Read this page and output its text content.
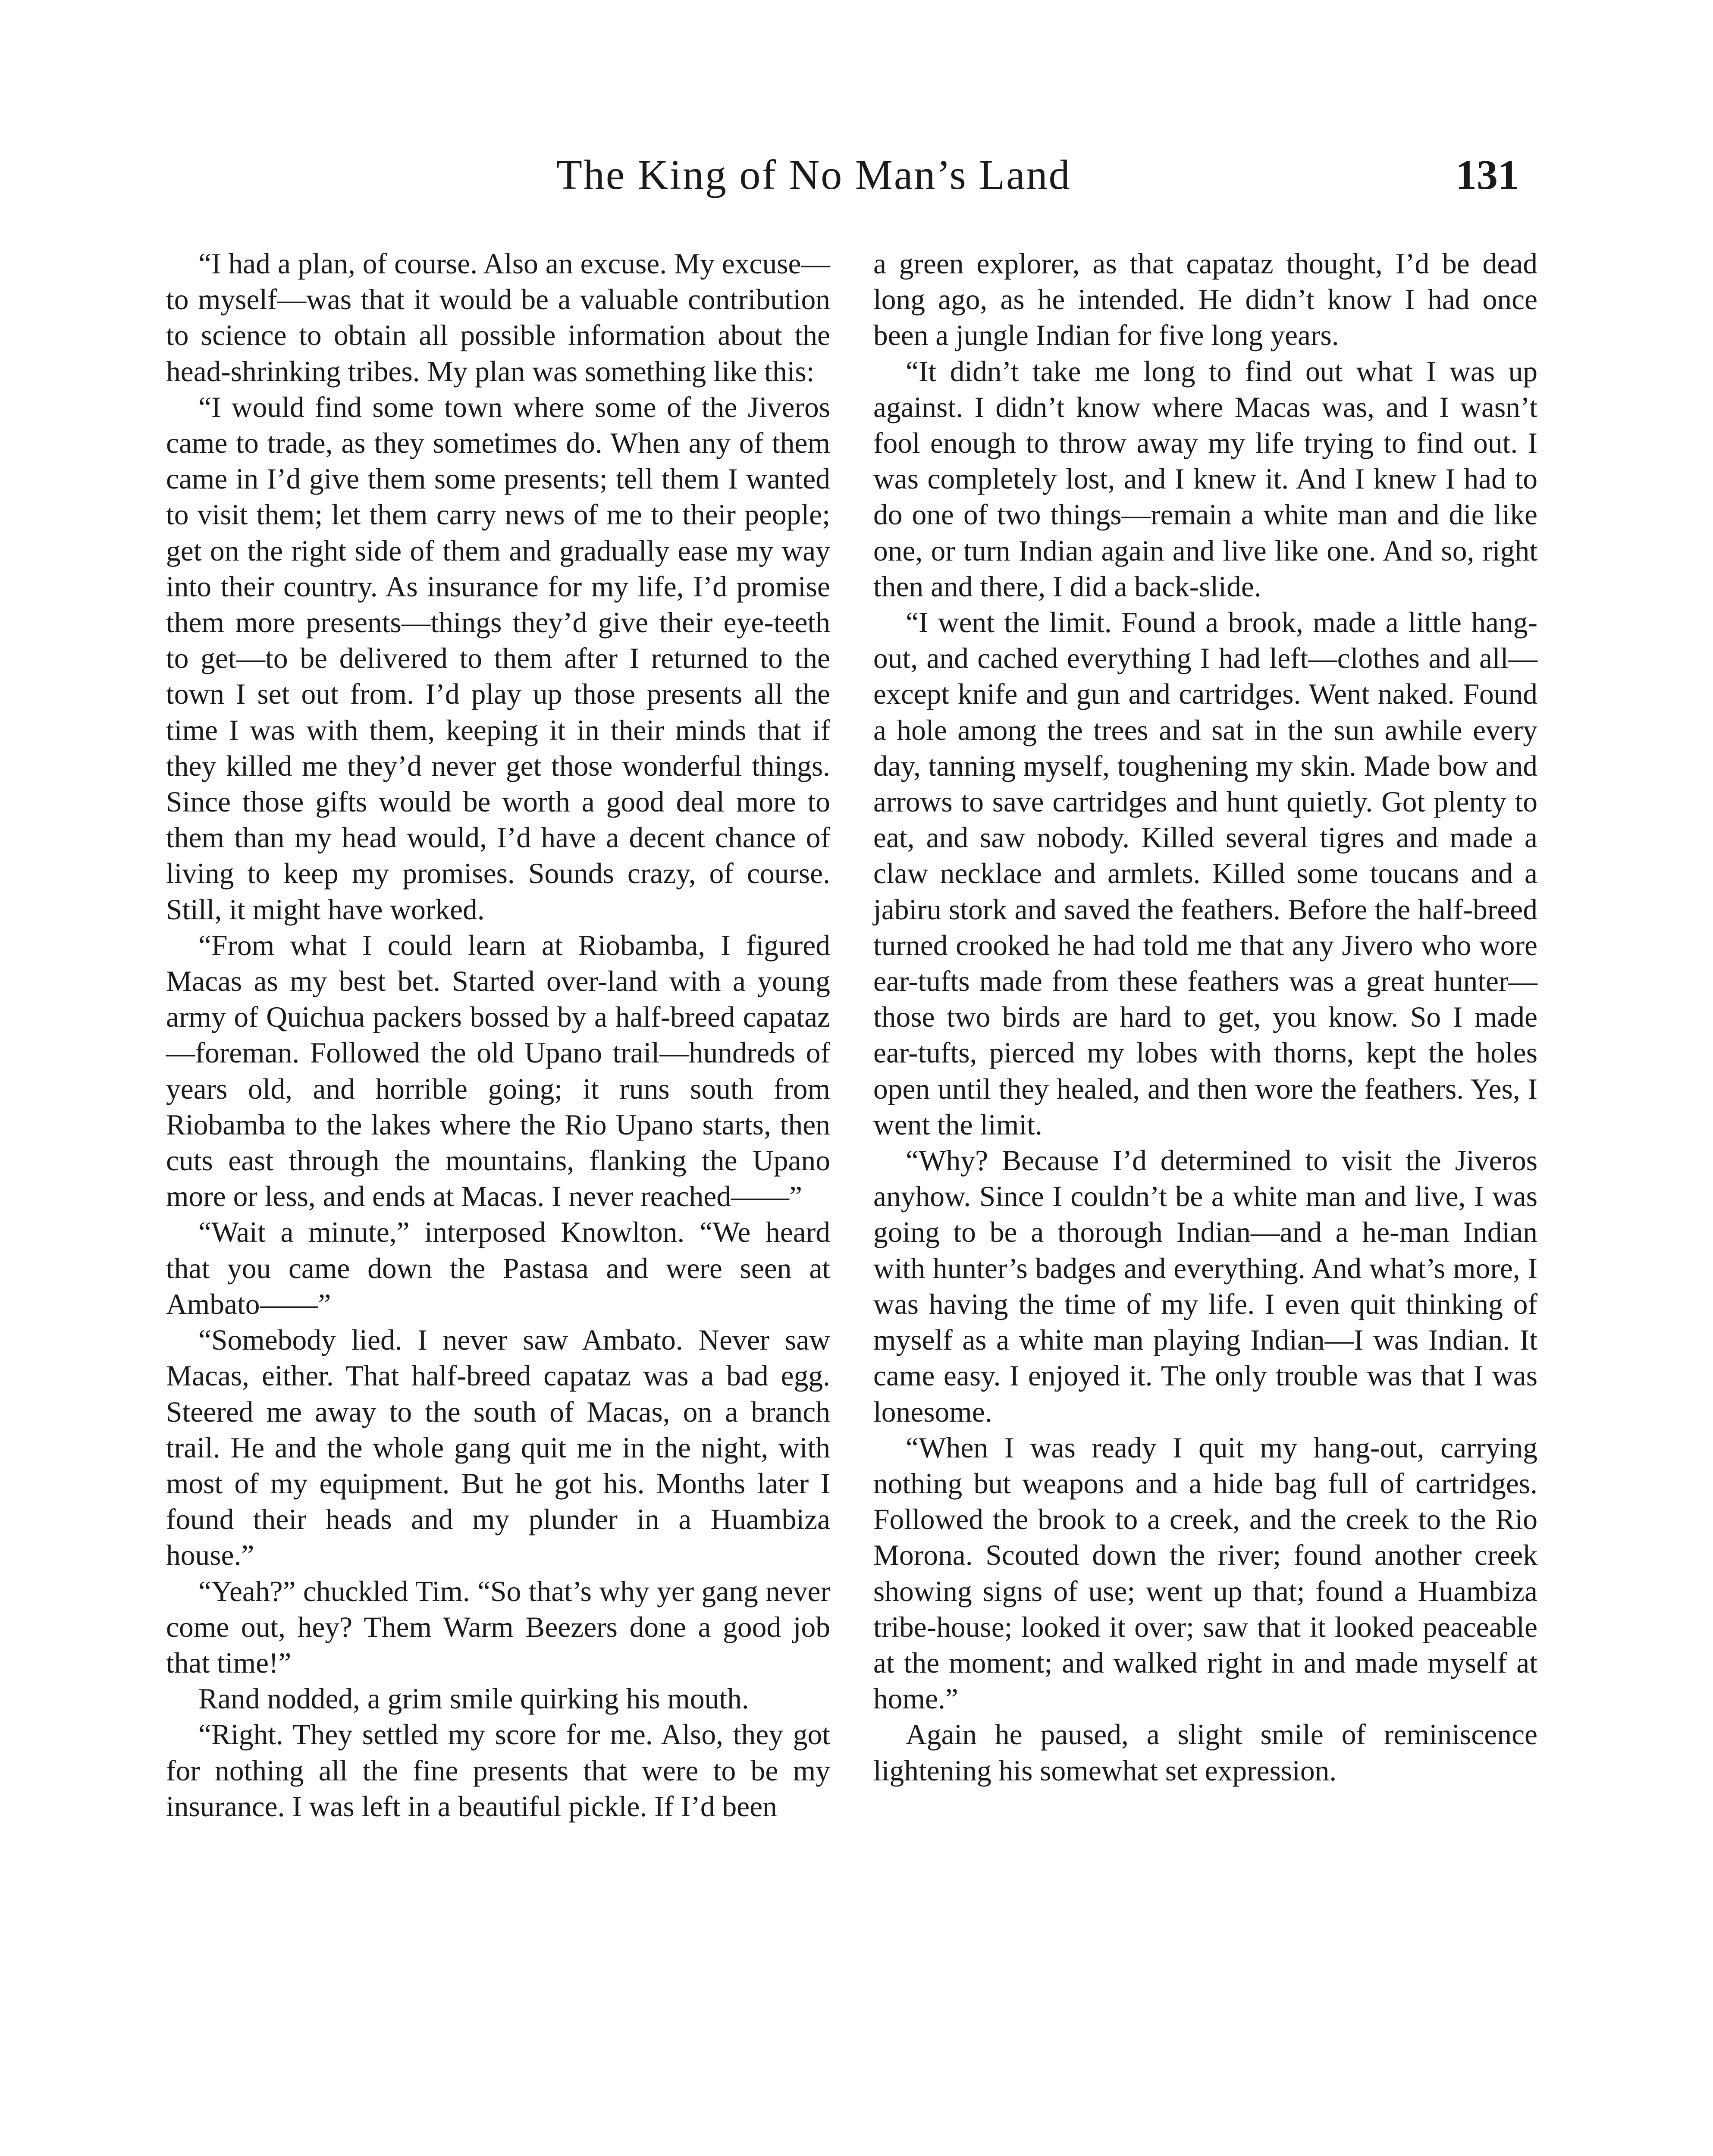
The King of No Man’s Land	131

“I had a plan, of course. Also an excuse. My excuse—to myself—was that it would be a valuable contribution to science to obtain all possible information about the head-shrinking tribes. My plan was something like this:

“I would find some town where some of the Jiveros came to trade, as they sometimes do. When any of them came in I’d give them some presents; tell them I wanted to visit them; let them carry news of me to their people; get on the right side of them and gradually ease my way into their country. As insurance for my life, I’d promise them more presents—things they’d give their eye-teeth to get—to be delivered to them after I returned to the town I set out from. I’d play up those presents all the time I was with them, keeping it in their minds that if they killed me they’d never get those wonderful things. Since those gifts would be worth a good deal more to them than my head would, I’d have a decent chance of living to keep my promises. Sounds crazy, of course. Still, it might have worked.

“From what I could learn at Riobamba, I figured Macas as my best bet. Started over-land with a young army of Quichua packers bossed by a half-breed capataz—foreman. Followed the old Upano trail—hundreds of years old, and horrible going; it runs south from Riobamba to the lakes where the Rio Upano starts, then cuts east through the mountains, flanking the Upano more or less, and ends at Macas. I never reached——”

“Wait a minute,” interposed Knowlton. “We heard that you came down the Pastasa and were seen at Ambato——”

“Somebody lied. I never saw Ambato. Never saw Macas, either. That half-breed capataz was a bad egg. Steered me away to the south of Macas, on a branch trail. He and the whole gang quit me in the night, with most of my equipment. But he got his. Months later I found their heads and my plunder in a Huambiza house.”

“Yeah?” chuckled Tim. “So that’s why yer gang never come out, hey? Them Warm Beezers done a good job that time!”

Rand nodded, a grim smile quirking his mouth.

“Right. They settled my score for me. Also, they got for nothing all the fine presents that were to be my insurance. I was left in a beautiful pickle. If I’d been

a green explorer, as that capataz thought, I’d be dead long ago, as he intended. He didn’t know I had once been a jungle Indian for five long years.

“It didn’t take me long to find out what I was up against. I didn’t know where Macas was, and I wasn’t fool enough to throw away my life trying to find out. I was completely lost, and I knew it. And I knew I had to do one of two things—remain a white man and die like one, or turn Indian again and live like one. And so, right then and there, I did a back-slide.

“I went the limit. Found a brook, made a little hang-out, and cached everything I had left—clothes and all—except knife and gun and cartridges. Went naked. Found a hole among the trees and sat in the sun awhile every day, tanning myself, toughening my skin. Made bow and arrows to save cartridges and hunt quietly. Got plenty to eat, and saw nobody. Killed several tigres and made a claw necklace and armlets. Killed some toucans and a jabiru stork and saved the feathers. Before the half-breed turned crooked he had told me that any Jivero who wore ear-tufts made from these feathers was a great hunter—those two birds are hard to get, you know. So I made ear-tufts, pierced my lobes with thorns, kept the holes open until they healed, and then wore the feathers. Yes, I went the limit.

“Why? Because I’d determined to visit the Jiveros anyhow. Since I couldn’t be a white man and live, I was going to be a thorough Indian—and a he-man Indian with hunter’s badges and everything. And what’s more, I was having the time of my life. I even quit thinking of myself as a white man playing Indian—I was Indian. It came easy. I enjoyed it. The only trouble was that I was lonesome.

“When I was ready I quit my hang-out, carrying nothing but weapons and a hide bag full of cartridges. Followed the brook to a creek, and the creek to the Rio Morona. Scouted down the river; found another creek showing signs of use; went up that; found a Huambiza tribe-house; looked it over; saw that it looked peaceable at the moment; and walked right in and made myself at home.”

Again he paused, a slight smile of reminiscence lightening his somewhat set expression.
